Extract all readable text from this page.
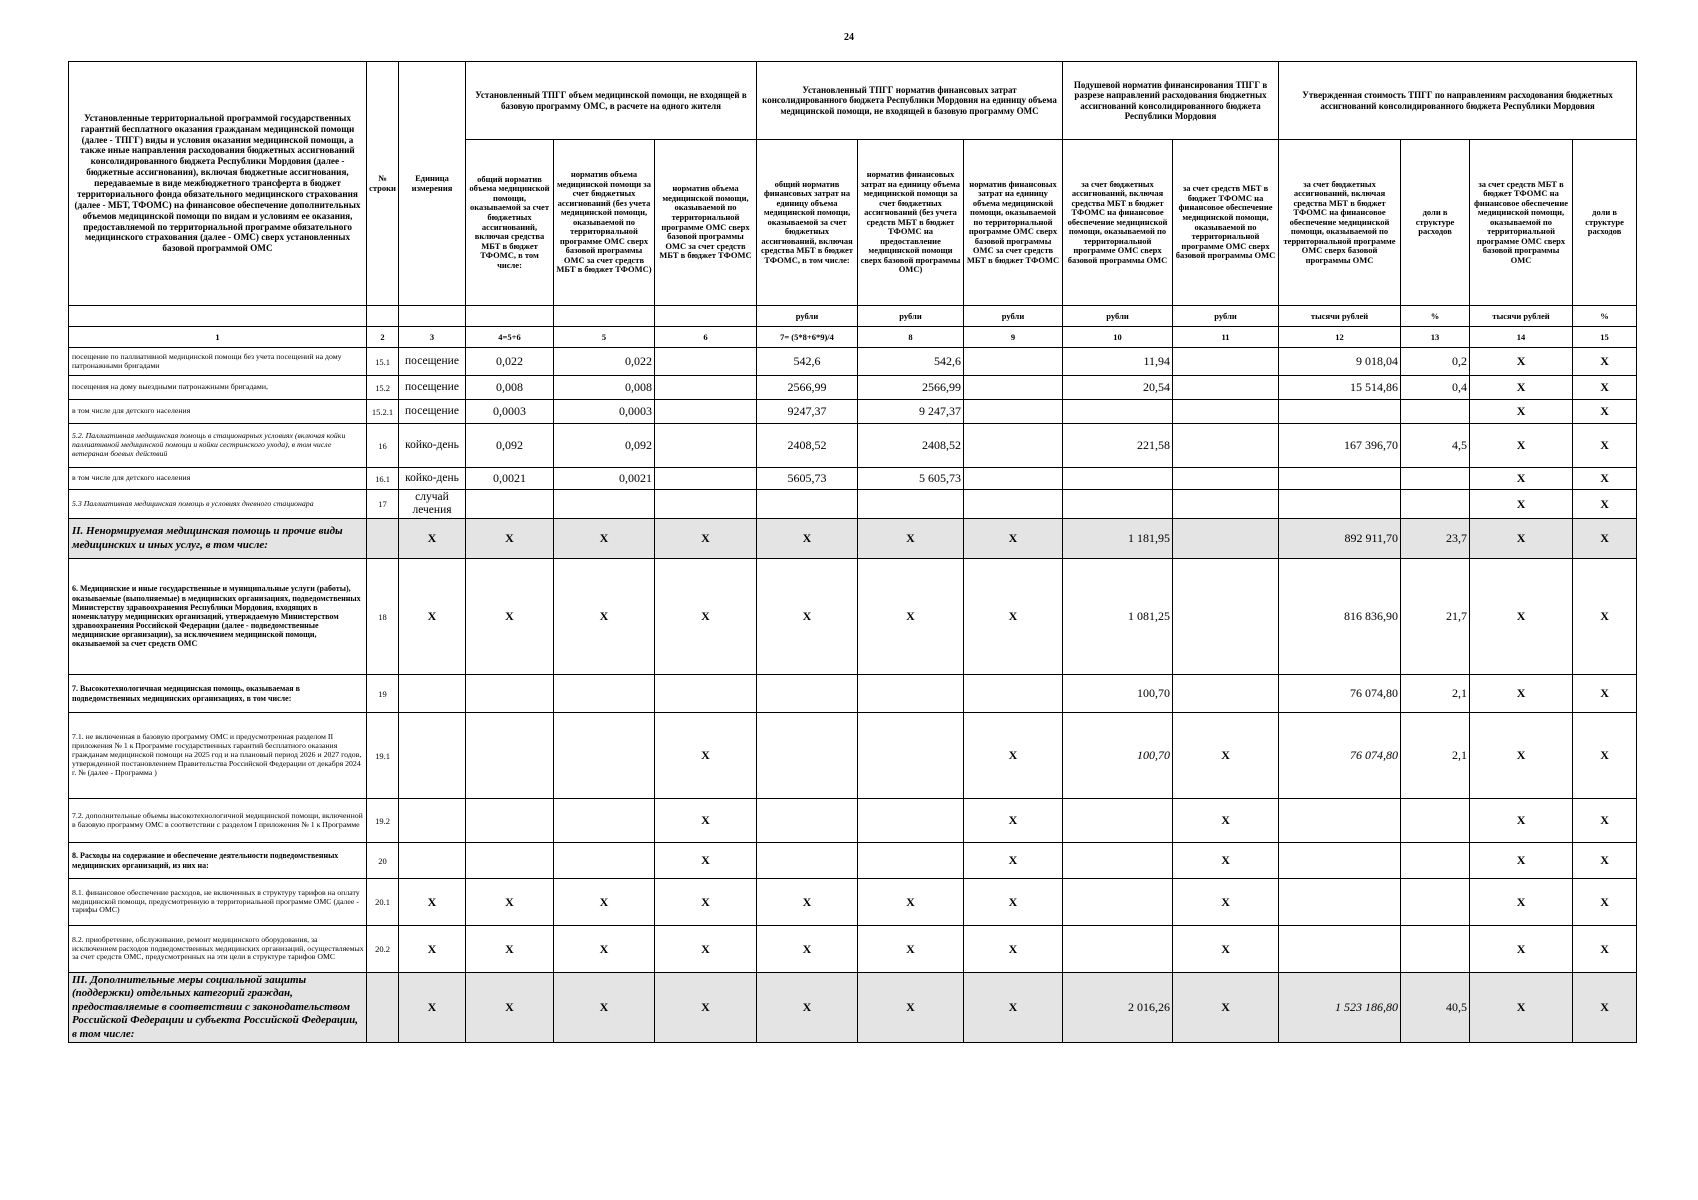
24
Установленные территориальной программой государственных гарантий бесплатного оказания гражданам медицинской помощи (далее - ТПГГ) виды и условия оказания медицинской помощи, а также иные направления расходования бюджетных ассигнований консолидированного бюджета Республики Мордовия (далее - бюджетные ассигнования), включая бюджетные ассигнования, передаваемые в виде межбюджетного трансферта в бюджет территориального фонда обязательного медицинского страхования (далее - МБТ, ТФОМС) на финансовое обеспечение дополнительных объемов медицинской помощи по видам и условиям ее оказания, предоставляемой по территориальной программе обязательного медицинского страхования (далее - ОМС) сверх установленных базовой программой ОМС	№ строки	Единица измерения	Установленный ТПГГ объем медицинской помощи, не входящей в базовую программу ОМС, в расчете на одного жителя			Установленный ТПГГ норматив финансовых затрат консолидированного бюджета Республики Мордовия на единицу объема медицинской помощи, не входящей в базовую программу ОМС			Подушевой норматив финансирования ТПГГ в разрезе направлений расходования бюджетных ассигнований консолидированного бюджета Республики Мордовия		Утвержденная стоимость ТПГГ по направлениям расходования бюджетных ассигнований консолидированного бюджета Республики Мордовия			
			общий норматив объема медицинской помощи, оказываемой за счет бюджетных ассигнований, включая средства МБТ в бюджет ТФОМС, в том числе:	норматив объема медицинской помощи за счет бюджетных ассигнований (без учета медицинской помощи, оказываемой по территориальной программе ОМС сверх базовой программы ОМС за счет средств МБТ в бюджет ТФОМС)	норматив объема медицинской помощи, оказываемой по территориальной программе ОМС сверх базовой программы ОМС за счет средств МБТ в бюджет ТФОМС	общий норматив финансовых затрат на единицу объема медицинской помощи, оказываемой за счет бюджетных ассигнований, включая средства МБТ в бюджет ТФОМС, в том числе:	норматив финансовых затрат на единицу объема медицинской помощи за счет бюджетных ассигнований (без учета средств МБТ в бюджет ТФОМС на предоставление медицинской помощи сверх базовой программы ОМС)	норматив финансовых затрат на единицу объема медицинской помощи, оказываемой по территориальной программе ОМС сверх базовой программы ОМС за счет средств МБТ в бюджет ТФОМС	за счет бюджетных ассигнований, включая средства МБТ в бюджет ТФОМС на финансовое обеспечение медицинской помощи, оказываемой по территориальной программе ОМС сверх базовой программы ОМС	за счет средств МБТ в бюджет ТФОМС на финансовое обеспечение медицинской помощи, оказываемой по территориальной программе ОМС сверх базовой программы ОМС	за счет бюджетных ассигнований, включая средства МБТ в бюджет ТФОМС на финансовое обеспечение медицинской помощи, оказываемой по территориальной программе ОМС сверх базовой программы ОМС	доли в структуре расходов	за счет средств МБТ в бюджет ТФОМС на финансовое обеспечение медицинской помощи, оказываемой по территориальной программе ОМС сверх базовой программы ОМС	доли в структуре расходов
						рубли	рубли	рубли	рубли	рубли	тысячи рублей	%	тысячи рублей	%
1	2	3	4=5+6	5	6	7= (5*8+6*9)/4	8	9	10	11	12	13	14	15
посещение по паллиативной медицинской помощи без учета посещений на дому патронажными бригадами	15.1	посещение	0,022	0,022		542,6	542,6		11,94		9 018,04	0,2	X	X
посещения на дому выездными патронажными бригадами,	15.2	посещение	0,008	0,008		2566,99	2566,99		20,54		15 514,86	0,4	X	X
в том числе для детского населения	15.2.1	посещение	0,0003	0,0003		9247,37	9 247,37						X	X
5.2. Паллиативная медицинская помощь в стационарных условиях (включая койки паллиативной медицинской помощи и койки сестринского ухода), в том числе ветеранам боевых действий	16	койко-день	0,092	0,092		2408,52	2408,52		221,58		167 396,70	4,5	X	X
в том числе для детского населения	16.1	койко-день	0,0021	0,0021		5605,73	5 605,73						X	X
5.3 Паллиативная медицинская помощь в условиях дневного стационара	17	случай лечения											X	X
II. Ненормируемая медицинская помощь и прочие виды медицинских и иных услуг, в том числе:		X	X	X	X	X	X	X	1 181,95		892 911,70	23,7	X	X
6. Медицинские и иные государственные и муниципальные услуги (работы), оказываемые (выполняемые) в медицинских организациях, подведомственных Министерству здравоохранения Республики Мордовия, входящих в номенклатуру медицинских организаций, утверждаемую Министерством здравоохранения Российской Федерации (далее - подведомственные медицинские организации), за исключением медицинской помощи, оказываемой за счет средств ОМС	18	X	X	X	X	X	X	X	1 081,25		816 836,90	21,7	X	X
7. Высокотехнологичная медицинская помощь, оказываемая в подведомственных медицинских организациях, в том числе:	19								100,70		76 074,80	2,1	X	X
7.1. не включенная в базовую программу ОМС и предусмотренная разделом II приложения № 1 к Программе государственных гарантий бесплатного оказания гражданам медицинской помощи на 2025 год и на плановый период 2026 и 2027 годов, утвержденной постановлением Правительства Российской Федерации от декабря 2024 г. № (далее - Программа )	19.1				X			X	100,70	X	76 074,80	2,1	X	X
7.2. дополнительные объемы высокотехнологичной медицинской помощи, включенной в базовую программу ОМС в соответствии с разделом I приложения № 1 к Программе	19.2				X			X		X			X	X
8. Расходы на содержание и обеспечение деятельности подведомственных медицинских организаций, из них на:	20				X			X		X			X	X
8.1. финансовое обеспечение расходов, не включенных в структуру тарифов на оплату медицинской помощи, предусмотренную в территориальной программе ОМС (далее - тарифы ОМС)	20.1	X	X	X	X	X	X	X		X			X	X
8.2. приобретение, обслуживание, ремонт медицинского оборудования, за исключением расходов подведомственных медицинских организаций, осуществляемых за счет средств ОМС, предусмотренных на эти цели в структуре тарифов ОМС	20.2	X	X	X	X	X	X	X		X			X	X
III. Дополнительные меры социальной защиты (поддержки) отдельных категорий граждан, предоставляемые в соответствии с законодательством Российской Федерации и субъекта Российской Федерации, в том числе:		X	X	X	X	X	X	X	2 016,26	X	1 523 186,80	40,5	X	X
